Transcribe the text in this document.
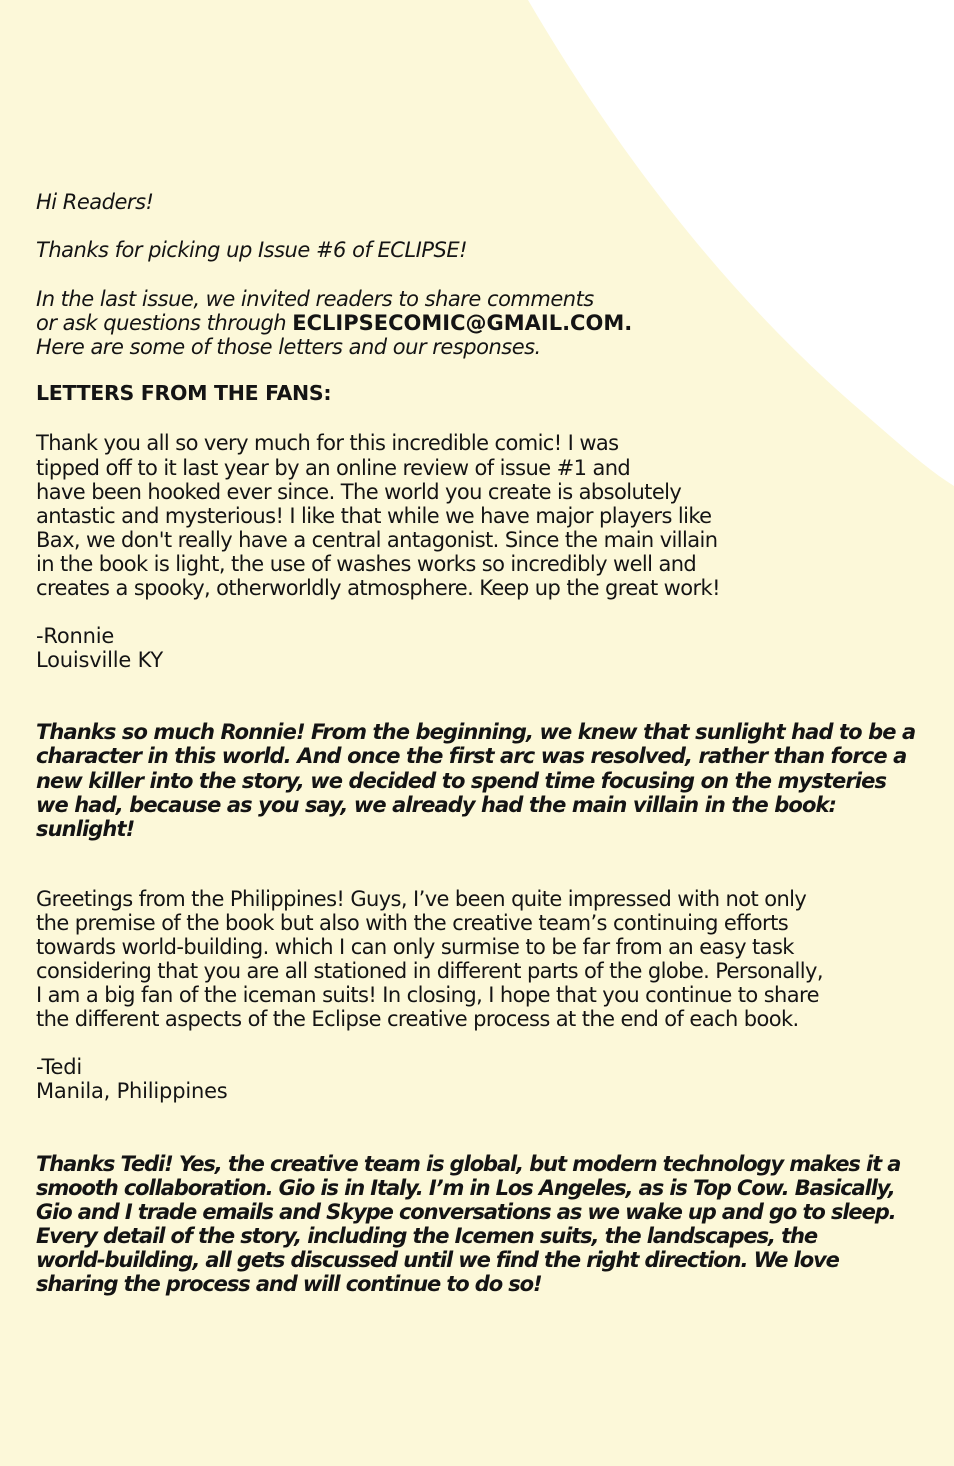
Hi Readers!

Thanks for picking up Issue #6 of ECLIPSE!

In the last issue, we invited readers to share comments
or ask questions through ECLIPSECOMIC@GMAIL.COM.
Here are some of those letters and our responses.

LETTERS FROM THE FANS:

Thank you all so very much for this incredible comic! I was
tipped off to it last year by an online review of issue #1 and
have been hooked ever since. The world you create is absolutely
antastic and mysterious! I like that while we have major players like
Bax, we don't really have a central antagonist. Since the main villain
in the book is light, the use of washes works so incredibly well and
creates a spooky, otherworldly atmosphere. Keep up the great work!

-Ronnie

Louisville KY

Thanks so much Ronnie! From the beginning, we knew that sunlight had to be a
character in this world. And once the first arc was resolved, rather than force a
new killer into the story, we decided to spend time focusing on the mysteries
we had, because as you say, we already had the main villain in the book:
sunlight!

Greetings from the Philippines! Guys, I’ve been quite impressed with not only
the premise of the book but also with the creative team’s continuing efforts
towards world-building. which I can only surmise to be far from an easy task
considering that you are all stationed in different parts of the globe. Personally,
I am a big fan of the iceman suits! In closing, I hope that you continue to share
the different aspects of the Eclipse creative process at the end of each book.

-Tedi

Manila, Philippines

Thanks Tedi! Yes, the creative team is global, but modern technology makes it a
smooth collaboration. Gio is in Italy. I’m in Los Angeles, as is Top Cow. Basically,
Gio and I trade emails and Skype conversations as we wake up and go to sleep.
Every detail of the story, including the Icemen suits, the landscapes, the
world-building, all gets discussed until we find the right direction. We love
sharing the process and will continue to do so!
